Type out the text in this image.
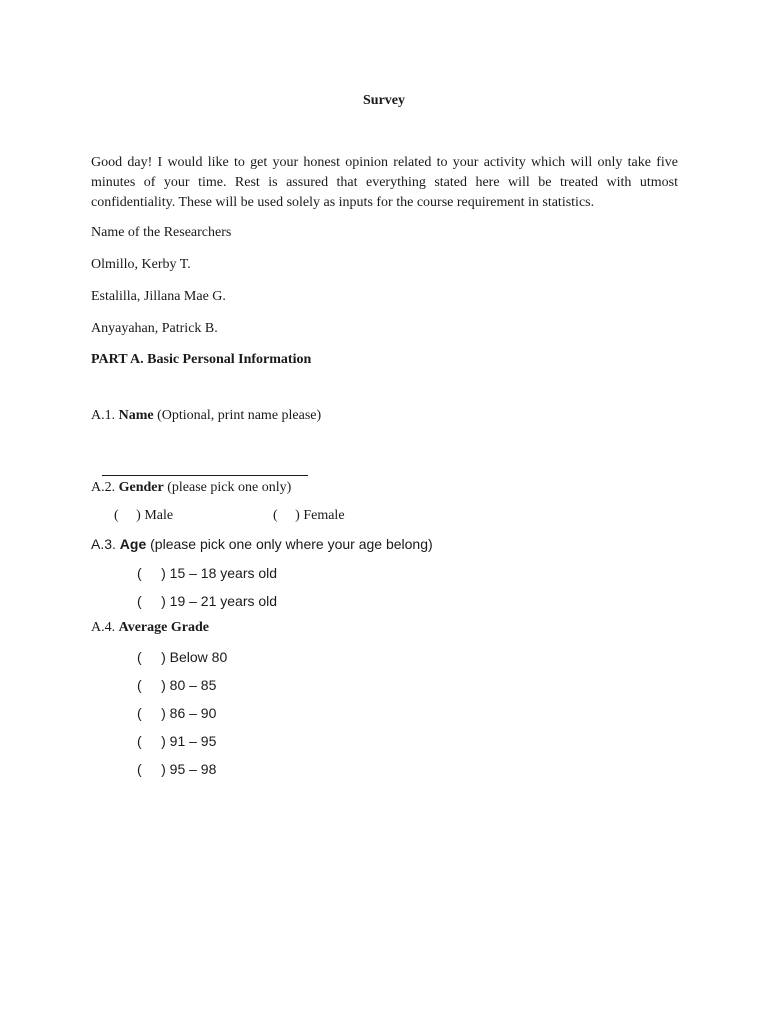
Survey
Good day! I would like to get your honest opinion related to your activity which will only take five minutes of your time. Rest is assured that everything stated here will be treated with utmost confidentiality. These will be used solely as inputs for the course requirement in statistics.
Name of the Researchers
Olmillo, Kerby T.
Estalilla, Jillana Mae G.
Anyayahan, Patrick B.
PART A. Basic Personal Information
A.1. Name (Optional, print name please)
A.2. Gender (please pick one only)
(     ) Male	(     ) Female
A.3. Age (please pick one only where your age belong)
(     ) 15 – 18 years old
(     ) 19 – 21 years old
A.4. Average Grade
(     ) Below 80
(     ) 80 – 85
(     ) 86 – 90
(     ) 91 – 95
(     ) 95 – 98
